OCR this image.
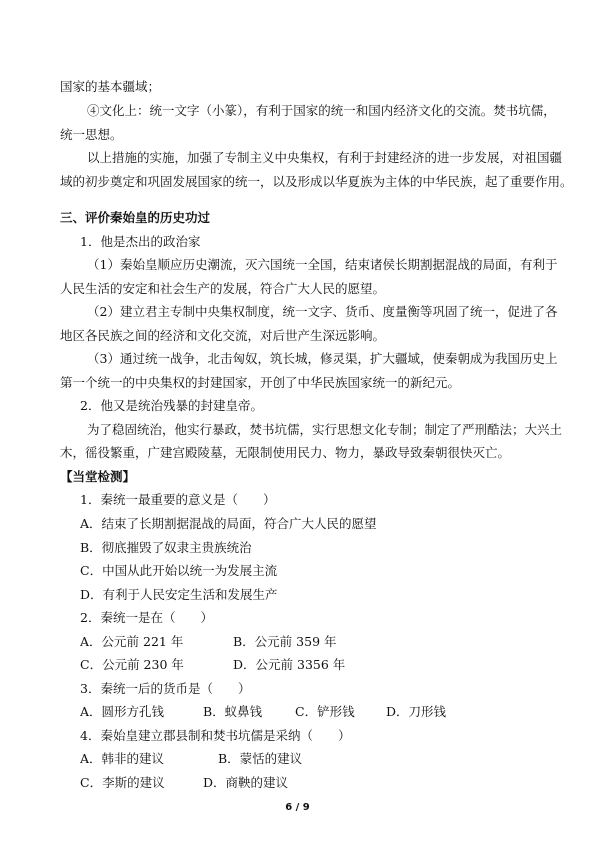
国家的基本疆域；
④文化上：统一文字（小篆），有利于国家的统一和国内经济文化的交流。焚书坑儒，
统一思想。
以上措施的实施，加强了专制主义中央集权，有利于封建经济的进一步发展，对祖国疆
域的初步奠定和巩固发展国家的统一，以及形成以华夏族为主体的中华民族，起了重要作用。
三、评价秦始皇的历史功过
1．他是杰出的政治家
（1）秦始皇顺应历史潮流，灭六国统一全国，结束诸侯长期割据混战的局面，有利于
人民生活的安定和社会生产的发展，符合广大人民的愿望。
（2）建立君主专制中央集权制度，统一文字、货币、度量衡等巩固了统一，促进了各
地区各民族之间的经济和文化交流，对后世产生深远影响。
（3）通过统一战争，北击匈奴，筑长城，修灵渠，扩大疆域，使秦朝成为我国历史上
第一个统一的中央集权的封建国家，开创了中华民族国家统一的新纪元。
2．他又是统治残暴的封建皇帝。
为了稳固统治，他实行暴政，焚书坑儒，实行思想文化专制；制定了严刑酷法；大兴土
木，徭役繁重，广建宫殿陵墓，无限制使用民力、物力，暴政导致秦朝很快灭亡。
【当堂检测】
1．秦统一最重要的意义是（　　）
A．结束了长期割据混战的局面，符合广大人民的愿望
B．彻底摧毁了奴隶主贵族统治
C．中国从此开始以统一为发展主流
D．有利于人民安定生活和发展生产
2．秦统一是在（　　）
A．公元前 221 年	B．公元前 359 年
C．公元前 230 年	D．公元前 3356 年
3．秦统一后的货币是（　　）
A．圆形方孔钱	B．蚁鼻钱	C．铲形钱	D．刀形钱
4．秦始皇建立郡县制和焚书坑儒是采纳（　　）
A．韩非的建议	B．蒙恬的建议
C．李斯的建议	D．商鞅的建议
6 / 9
